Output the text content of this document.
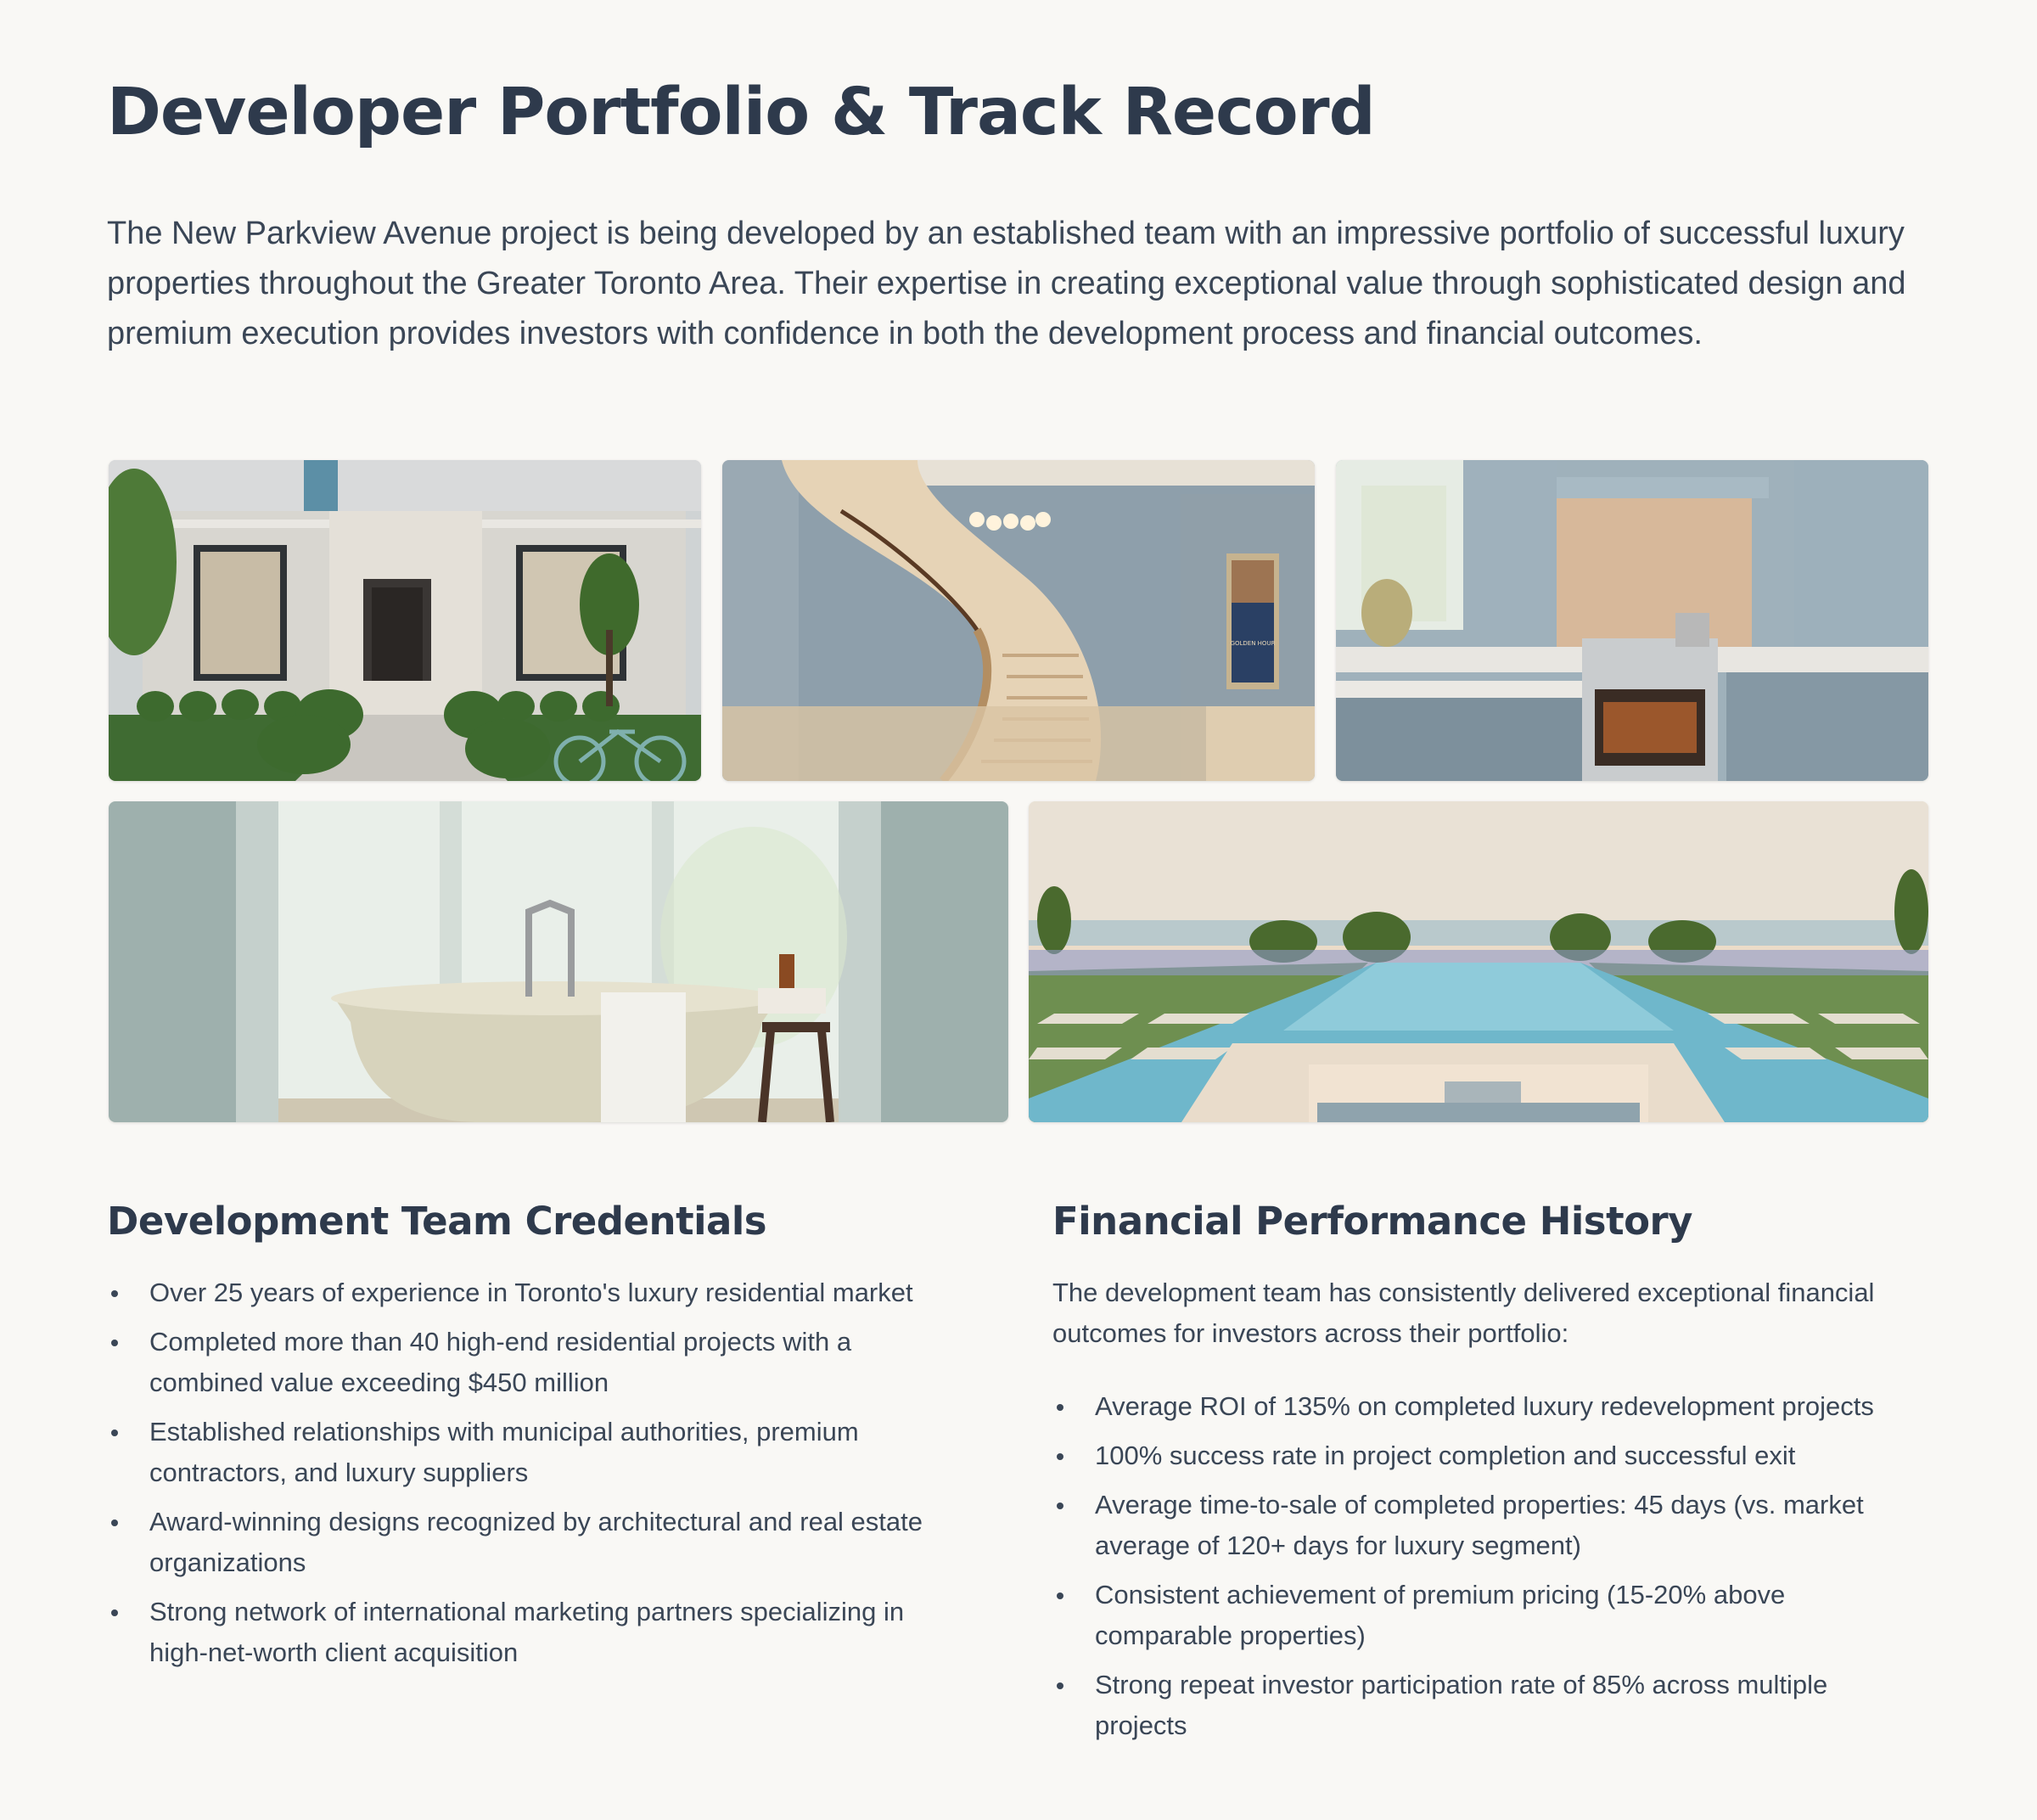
Developer Portfolio & Track Record

The New Parkview Avenue project is being developed by an established team with an impressive portfolio of successful luxury properties throughout the Greater Toronto Area. Their expertise in creating exceptional value through sophisticated design and premium execution provides investors with confidence in both the development process and financial outcomes.

GOLDEN HOUR
Development Team Credentials
Over 25 years of experience in Toronto's luxury residential market
Completed more than 40 high-end residential projects with a combined value exceeding $450 million
Established relationships with municipal authorities, premium contractors, and luxury suppliers
Award-winning designs recognized by architectural and real estate organizations
Strong network of international marketing partners specializing in high-net-worth client acquisition
Financial Performance History

The development team has consistently delivered exceptional financial outcomes for investors across their portfolio:

Average ROI of 135% on completed luxury redevelopment projects
100% success rate in project completion and successful exit
Average time-to-sale of completed properties: 45 days (vs. market average of 120+ days for luxury segment)
Consistent achievement of premium pricing (15-20% above comparable properties)
Strong repeat investor participation rate of 85% across multiple projects
